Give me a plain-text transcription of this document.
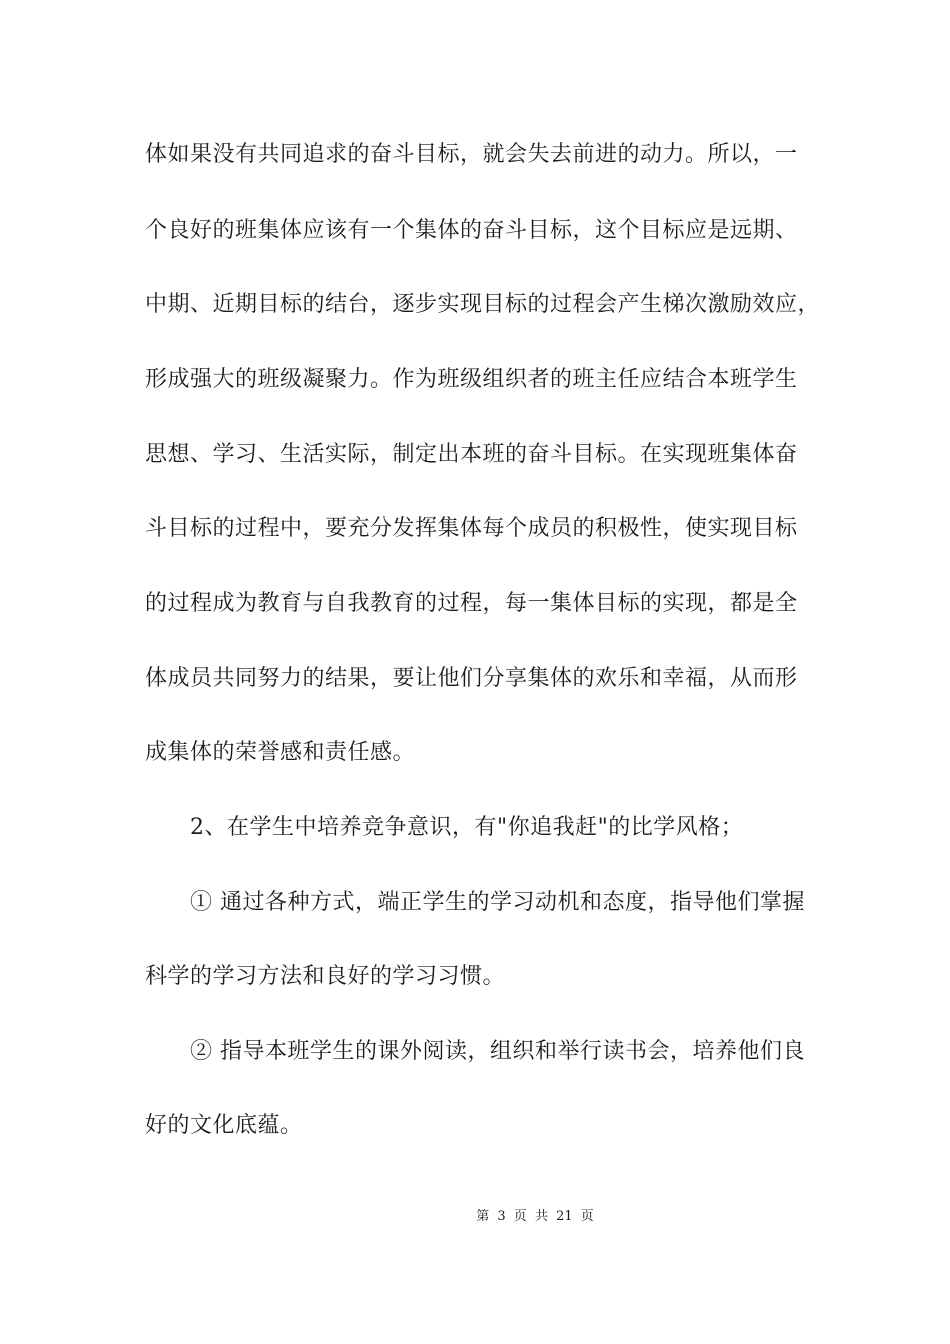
体如果没有共同追求的奋斗目标，就会失去前进的动力。所以，一
个良好的班集体应该有一个集体的奋斗目标，这个目标应是远期、
中期、近期目标的结台，逐步实现目标的过程会产生梯次激励效应，
形成强大的班级凝聚力。作为班级组织者的班主任应结合本班学生
思想、学习、生活实际，制定出本班的奋斗目标。在实现班集体奋
斗目标的过程中，要充分发挥集体每个成员的积极性，使实现目标
的过程成为教育与自我教育的过程，每一集体目标的实现，都是全
体成员共同努力的结果，要让他们分享集体的欢乐和幸福，从而形
成集体的荣誉感和责任感。
　　2、在学生中培养竞争意识，有"你追我赶"的比学风格；
　　① 通过各种方式，端正学生的学习动机和态度，指导他们掌握
科学的学习方法和良好的学习习惯。
　　② 指导本班学生的课外阅读，组织和举行读书会，培养他们良
好的文化底蕴。
第 3 页 共 21 页
